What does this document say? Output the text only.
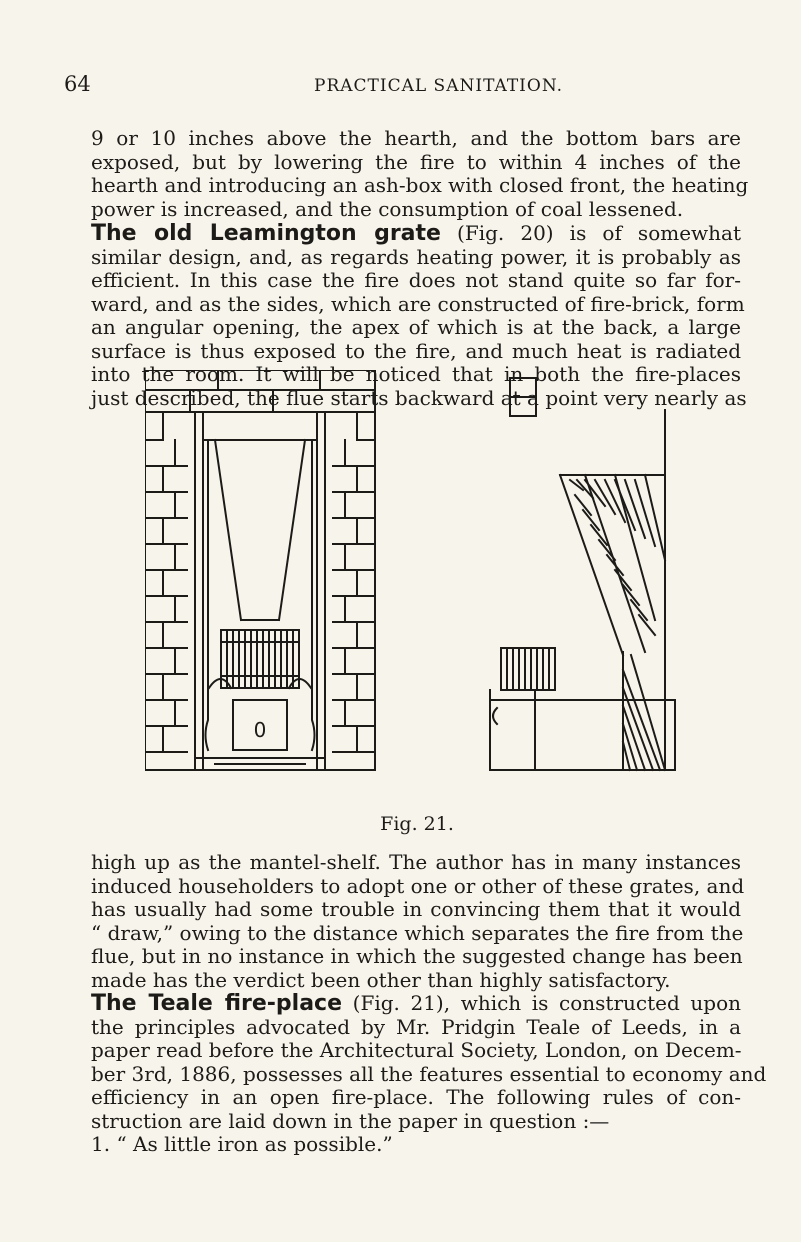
64	PRACTICAL SANITATION.
9 or 10 inches above the hearth, and the bottom bars are
exposed, but by lowering the fire to within 4 inches of the
hearth and introducing an ash-box with closed front, the heating
power is increased, and the consumption of coal lessened.
The old Leamington grate (Fig. 20) is of somewhat
similar design, and, as regards heating power, it is probably as
efficient. In this case the fire does not stand quite so far for-
ward, and as the sides, which are constructed of fire-brick, form
an angular opening, the apex of which is at the back, a large
surface is thus exposed to the fire, and much heat is radiated
into the room. It will be noticed that in both the fire-places
just described, the flue starts backward at a point very nearly as
0
Fig. 21.
high up as the mantel-shelf. The author has in many instances
induced householders to adopt one or other of these grates, and
has usually had some trouble in convincing them that it would
“ draw,” owing to the distance which separates the fire from the
flue, but in no instance in which the suggested change has been
made has the verdict been other than highly satisfactory.
The Teale fire-place (Fig. 21), which is constructed upon
the principles advocated by Mr. Pridgin Teale of Leeds, in a
paper read before the Architectural Society, London, on Decem-
ber 3rd, 1886, possesses all the features essential to economy and
efficiency in an open fire-place. The following rules of con-
struction are laid down in the paper in question :—
1. “ As little iron as possible.”
